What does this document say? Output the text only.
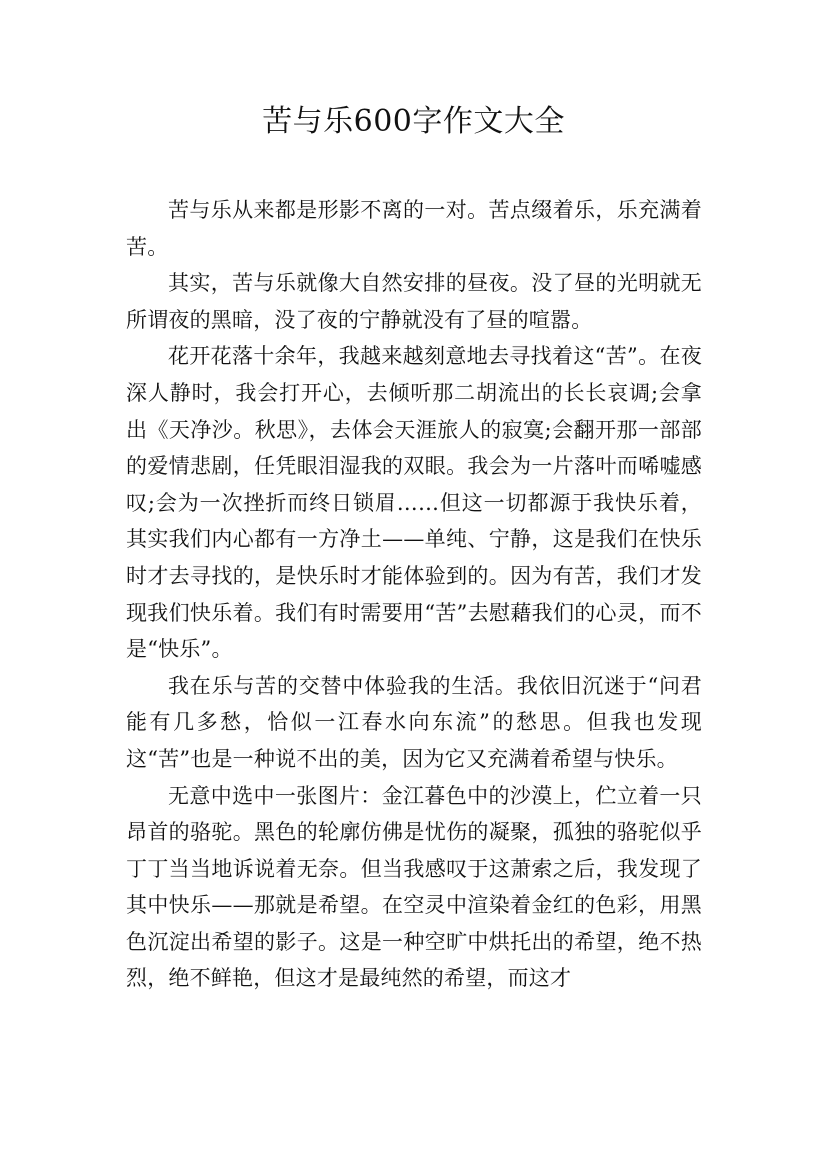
苦与乐600字作文大全

苦与乐从来都是形影不离的一对。苦点缀着乐，乐充满着苦。

其实，苦与乐就像大自然安排的昼夜。没了昼的光明就无所谓夜的黑暗，没了夜的宁静就没有了昼的喧嚣。

花开花落十余年，我越来越刻意地去寻找着这“苦”。在夜深人静时，我会打开心，去倾听那二胡流出的长长哀调;会拿出《天净沙。秋思》，去体会天涯旅人的寂寞;会翻开那一部部的爱情悲剧，任凭眼泪湿我的双眼。我会为一片落叶而唏嘘感叹;会为一次挫折而终日锁眉……但这一切都源于我快乐着，其实我们内心都有一方净土——单纯、宁静，这是我们在快乐时才去寻找的，是快乐时才能体验到的。因为有苦，我们才发现我们快乐着。我们有时需要用“苦”去慰藉我们的心灵，而不是“快乐”。

我在乐与苦的交替中体验我的生活。我依旧沉迷于“问君能有几多愁，恰似一江春水向东流”的愁思。但我也发现这“苦”也是一种说不出的美，因为它又充满着希望与快乐。

无意中选中一张图片：金江暮色中的沙漠上，伫立着一只昂首的骆驼。黑色的轮廓仿佛是忧伤的凝聚，孤独的骆驼似乎丁丁当当地诉说着无奈。但当我感叹于这萧索之后，我发现了其中快乐——那就是希望。在空灵中渲染着金红的色彩，用黑色沉淀出希望的影子。这是一种空旷中烘托出的希望，绝不热烈，绝不鲜艳，但这才是最纯然的希望，而这才
